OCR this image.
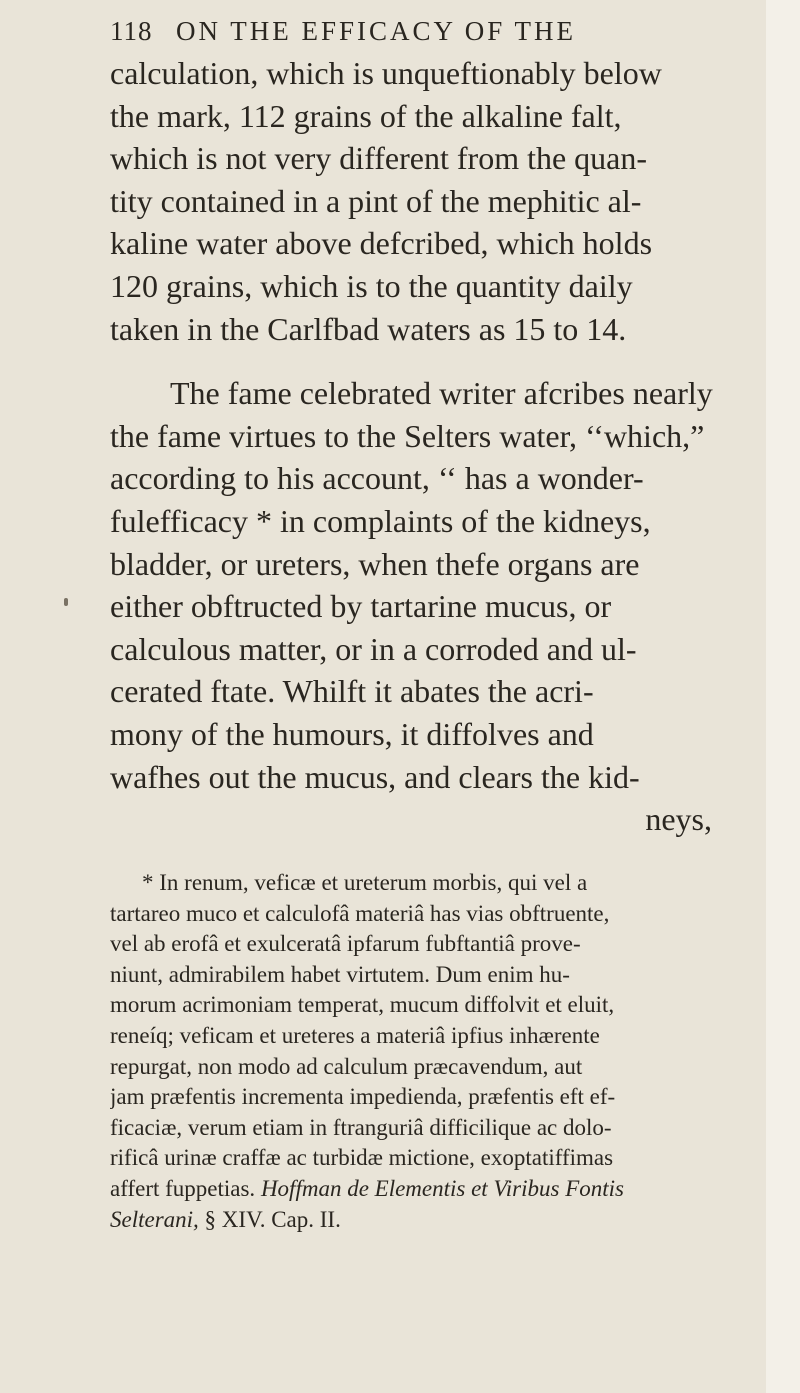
118 ON THE EFFICACY OF THE
calculation, which is unqueftionably below
the mark, 112 grains of the alkaline falt,
which is not very different from the quan-
tity contained in a pint of the mephitic al-
kaline water above defcribed, which holds
120 grains, which is to the quantity daily
taken in the Carlfbad waters as 15 to 14.
The fame celebrated writer afcribes nearly
the fame virtues to the Selters water, ‘‘which,”
according to his account, ‘‘ has a wonder-
fulefficacy * in complaints of the kidneys,
bladder, or ureters, when thefe organs are
either obftructed by tartarine mucus, or
calculous matter, or in a corroded and ul-
cerated ftate. Whilft it abates the acri-
mony of the humours, it diffolves and
wafhes out the mucus, and clears the kid-
neys,
* In renum, veficæ et ureterum morbis, qui vel a
tartareo muco et calculofâ materiâ has vias obftruente,
vel ab erofâ et exulceratâ ipfarum fubftantiâ prove-
niunt, admirabilem habet virtutem. Dum enim hu-
morum acrimoniam temperat, mucum diffolvit et eluit,
reneíq; veficam et ureteres a materiâ ipfius inhærente
repurgat, non modo ad calculum præcavendum, aut
jam præfentis incrementa impedienda, præfentis eft ef-
ficaciæ, verum etiam in ftranguriâ difficilique ac dolo-
rificâ urinæ craffæ ac turbidæ mictione, exoptatiffimas
affert fuppetias. Hoffman de Elementis et Viribus Fontis
Selterani, § XIV. Cap. II.
